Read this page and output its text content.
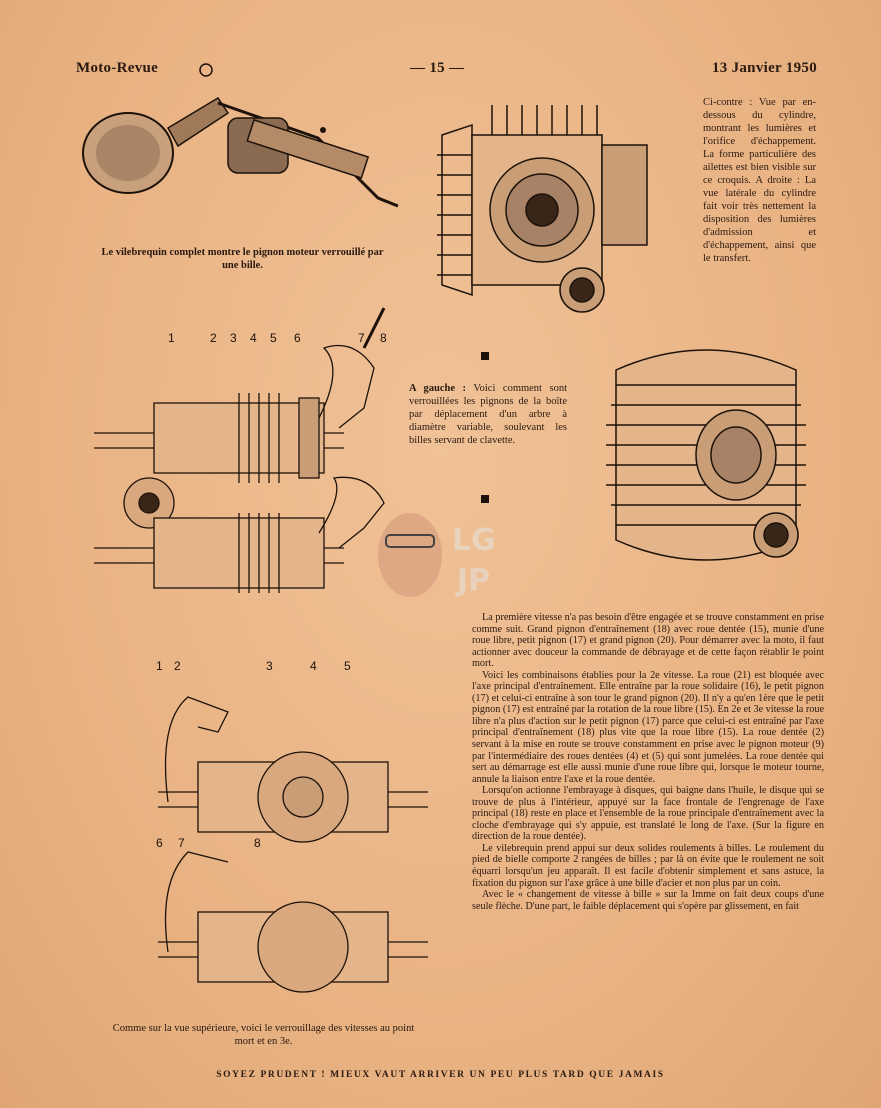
Moto-Revue	— 15 —	13 Janvier 1950
Le vilebrequin complet montre le pignon moteur verrouillé par une bille.
Ci-contre : Vue par en-dessous du cylindre, montrant les lumières et l'orifice d'échappement. La forme particulière des ailettes est bien visible sur ce croquis. A droite : La vue latérale du cylindre fait voir très nettement la disposition des lumières d'admission et d'échappement, ainsi que le transfert.
1	2 3 4 5 6	7 8
A gauche : Voici comment sont verrouillées les pignons de la boîte par déplacement d'un arbre à diamètre variable, soulevant les billes servant de clavette.
LG
JP
1 2	3	4 5
6 7	8
Comme sur la vue supérieure, voici le verrouillage des vitesses au point mort et en 3e.

La première vitesse n'a pas besoin d'être engagée et se trouve constamment en prise comme suit. Grand pignon d'entraînement (18) avec roue dentée (15), munie d'une roue libre, petit pignon (17) et grand pignon (20). Pour démarrer avec la moto, il faut actionner avec douceur la commande de débrayage et de cette façon rétablir le point mort.

Voici les combinaisons établies pour la 2e vitesse. La roue (21) est bloquée avec l'axe principal d'entraînement. Elle entraîne par la roue solidaire (16), le petit pignon (17) et celui-ci entraîne à son tour le grand pignon (20). Il n'y a qu'en 1ère que le petit pignon (17) est entraîné par la rotation de la roue libre (15). En 2e et 3e vitesse la roue libre n'a plus d'action sur le petit pignon (17) parce que celui-ci est entraîné par l'axe principal d'entraînement (18) plus vite que la roue libre (15). La roue dentée (2) servant à la mise en route se trouve constamment en prise avec le pignon moteur (9) par l'intermédiaire des roues dentées (4) et (5) qui sont jumelées. La roue dentée qui sert au démarrage est elle aussi munie d'une roue libre qui, lorsque le moteur tourne, annule la liaison entre l'axe et la roue dentée.

Lorsqu'on actionne l'embrayage à disques, qui baigne dans l'huile, le disque qui se trouve de plus à l'intérieur, appuyé sur la face frontale de l'engrenage de l'axe principal (18) reste en place et l'ensemble de la roue principale d'entraînement avec la cloche d'embrayage qui s'y appuie, est translaté le long de l'axe. (Sur la figure en direction de la roue dentée).

Le vilebrequin prend appui sur deux solides roulements à billes. Le roulement du pied de bielle comporte 2 rangées de billes ; par là on évite que le roulement ne soit équarri lorsqu'un jeu apparaît. Il est facile d'obtenir simplement et sans astuce, la fixation du pignon sur l'axe grâce à une bille d'acier et non plus par un coin.

Avec le « changement de vitesse à bille » sur la Imme on fait deux coups d'une seule flèche. D'une part, le faible déplacement qui s'opère par glissement, en fait

SOYEZ PRUDENT ! MIEUX VAUT ARRIVER UN PEU PLUS TARD QUE JAMAIS
